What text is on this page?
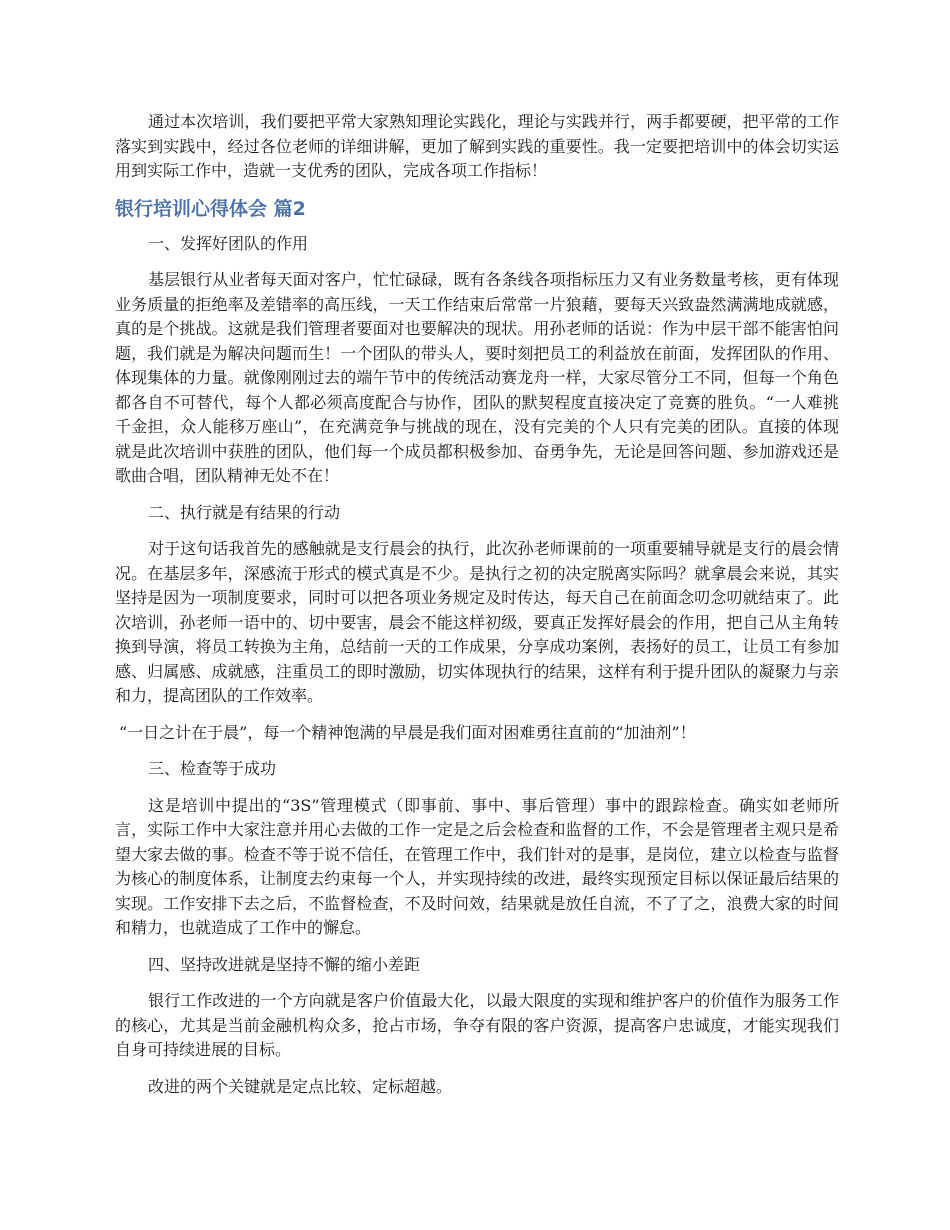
通过本次培训，我们要把平常大家熟知理论实践化，理论与实践并行，两手都要硬，把平常的工作落实到实践中，经过各位老师的详细讲解，更加了解到实践的重要性。我一定要把培训中的体会切实运用到实际工作中，造就一支优秀的团队，完成各项工作指标！

银行培训心得体会 篇2

一、发挥好团队的作用

基层银行从业者每天面对客户，忙忙碌碌，既有各条线各项指标压力又有业务数量考核，更有体现业务质量的拒绝率及差错率的高压线，一天工作结束后常常一片狼藉，要每天兴致盎然满满地成就感，真的是个挑战。这就是我们管理者要面对也要解决的现状。用孙老师的话说：作为中层干部不能害怕问题，我们就是为解决问题而生！一个团队的带头人，要时刻把员工的利益放在前面，发挥团队的作用、体现集体的力量。就像刚刚过去的端午节中的传统活动赛龙舟一样，大家尽管分工不同，但每一个角色都各自不可替代，每个人都必须高度配合与协作，团队的默契程度直接决定了竞赛的胜负。“一人难挑千金担，众人能移万座山”，在充满竞争与挑战的现在，没有完美的个人只有完美的团队。直接的体现就是此次培训中获胜的团队，他们每一个成员都积极参加、奋勇争先，无论是回答问题、参加游戏还是歌曲合唱，团队精神无处不在！

二、执行就是有结果的行动

对于这句话我首先的感触就是支行晨会的执行，此次孙老师课前的一项重要辅导就是支行的晨会情况。在基层多年，深感流于形式的模式真是不少。是执行之初的决定脱离实际吗？就拿晨会来说，其实坚持是因为一项制度要求，同时可以把各项业务规定及时传达，每天自己在前面念叨念叨就结束了。此次培训，孙老师一语中的、切中要害，晨会不能这样初级，要真正发挥好晨会的作用，把自己从主角转换到导演，将员工转换为主角，总结前一天的工作成果，分享成功案例，表扬好的员工，让员工有参加感、归属感、成就感，注重员工的即时激励，切实体现执行的结果，这样有利于提升团队的凝聚力与亲和力，提高团队的工作效率。

“一日之计在于晨”，每一个精神饱满的早晨是我们面对困难勇往直前的“加油剂”！

三、检查等于成功

这是培训中提出的“3S”管理模式（即事前、事中、事后管理）事中的跟踪检查。确实如老师所言，实际工作中大家注意并用心去做的工作一定是之后会检查和监督的工作，不会是管理者主观只是希望大家去做的事。检查不等于说不信任，在管理工作中，我们针对的是事，是岗位，建立以检查与监督为核心的制度体系，让制度去约束每一个人，并实现持续的改进，最终实现预定目标以保证最后结果的实现。工作安排下去之后，不监督检查，不及时问效，结果就是放任自流，不了了之，浪费大家的时间和精力，也就造成了工作中的懈怠。

四、坚持改进就是坚持不懈的缩小差距

银行工作改进的一个方向就是客户价值最大化，以最大限度的实现和维护客户的价值作为服务工作的核心，尤其是当前金融机构众多，抢占市场，争夺有限的客户资源，提高客户忠诚度，才能实现我们自身可持续进展的目标。

改进的两个关键就是定点比较、定标超越。
